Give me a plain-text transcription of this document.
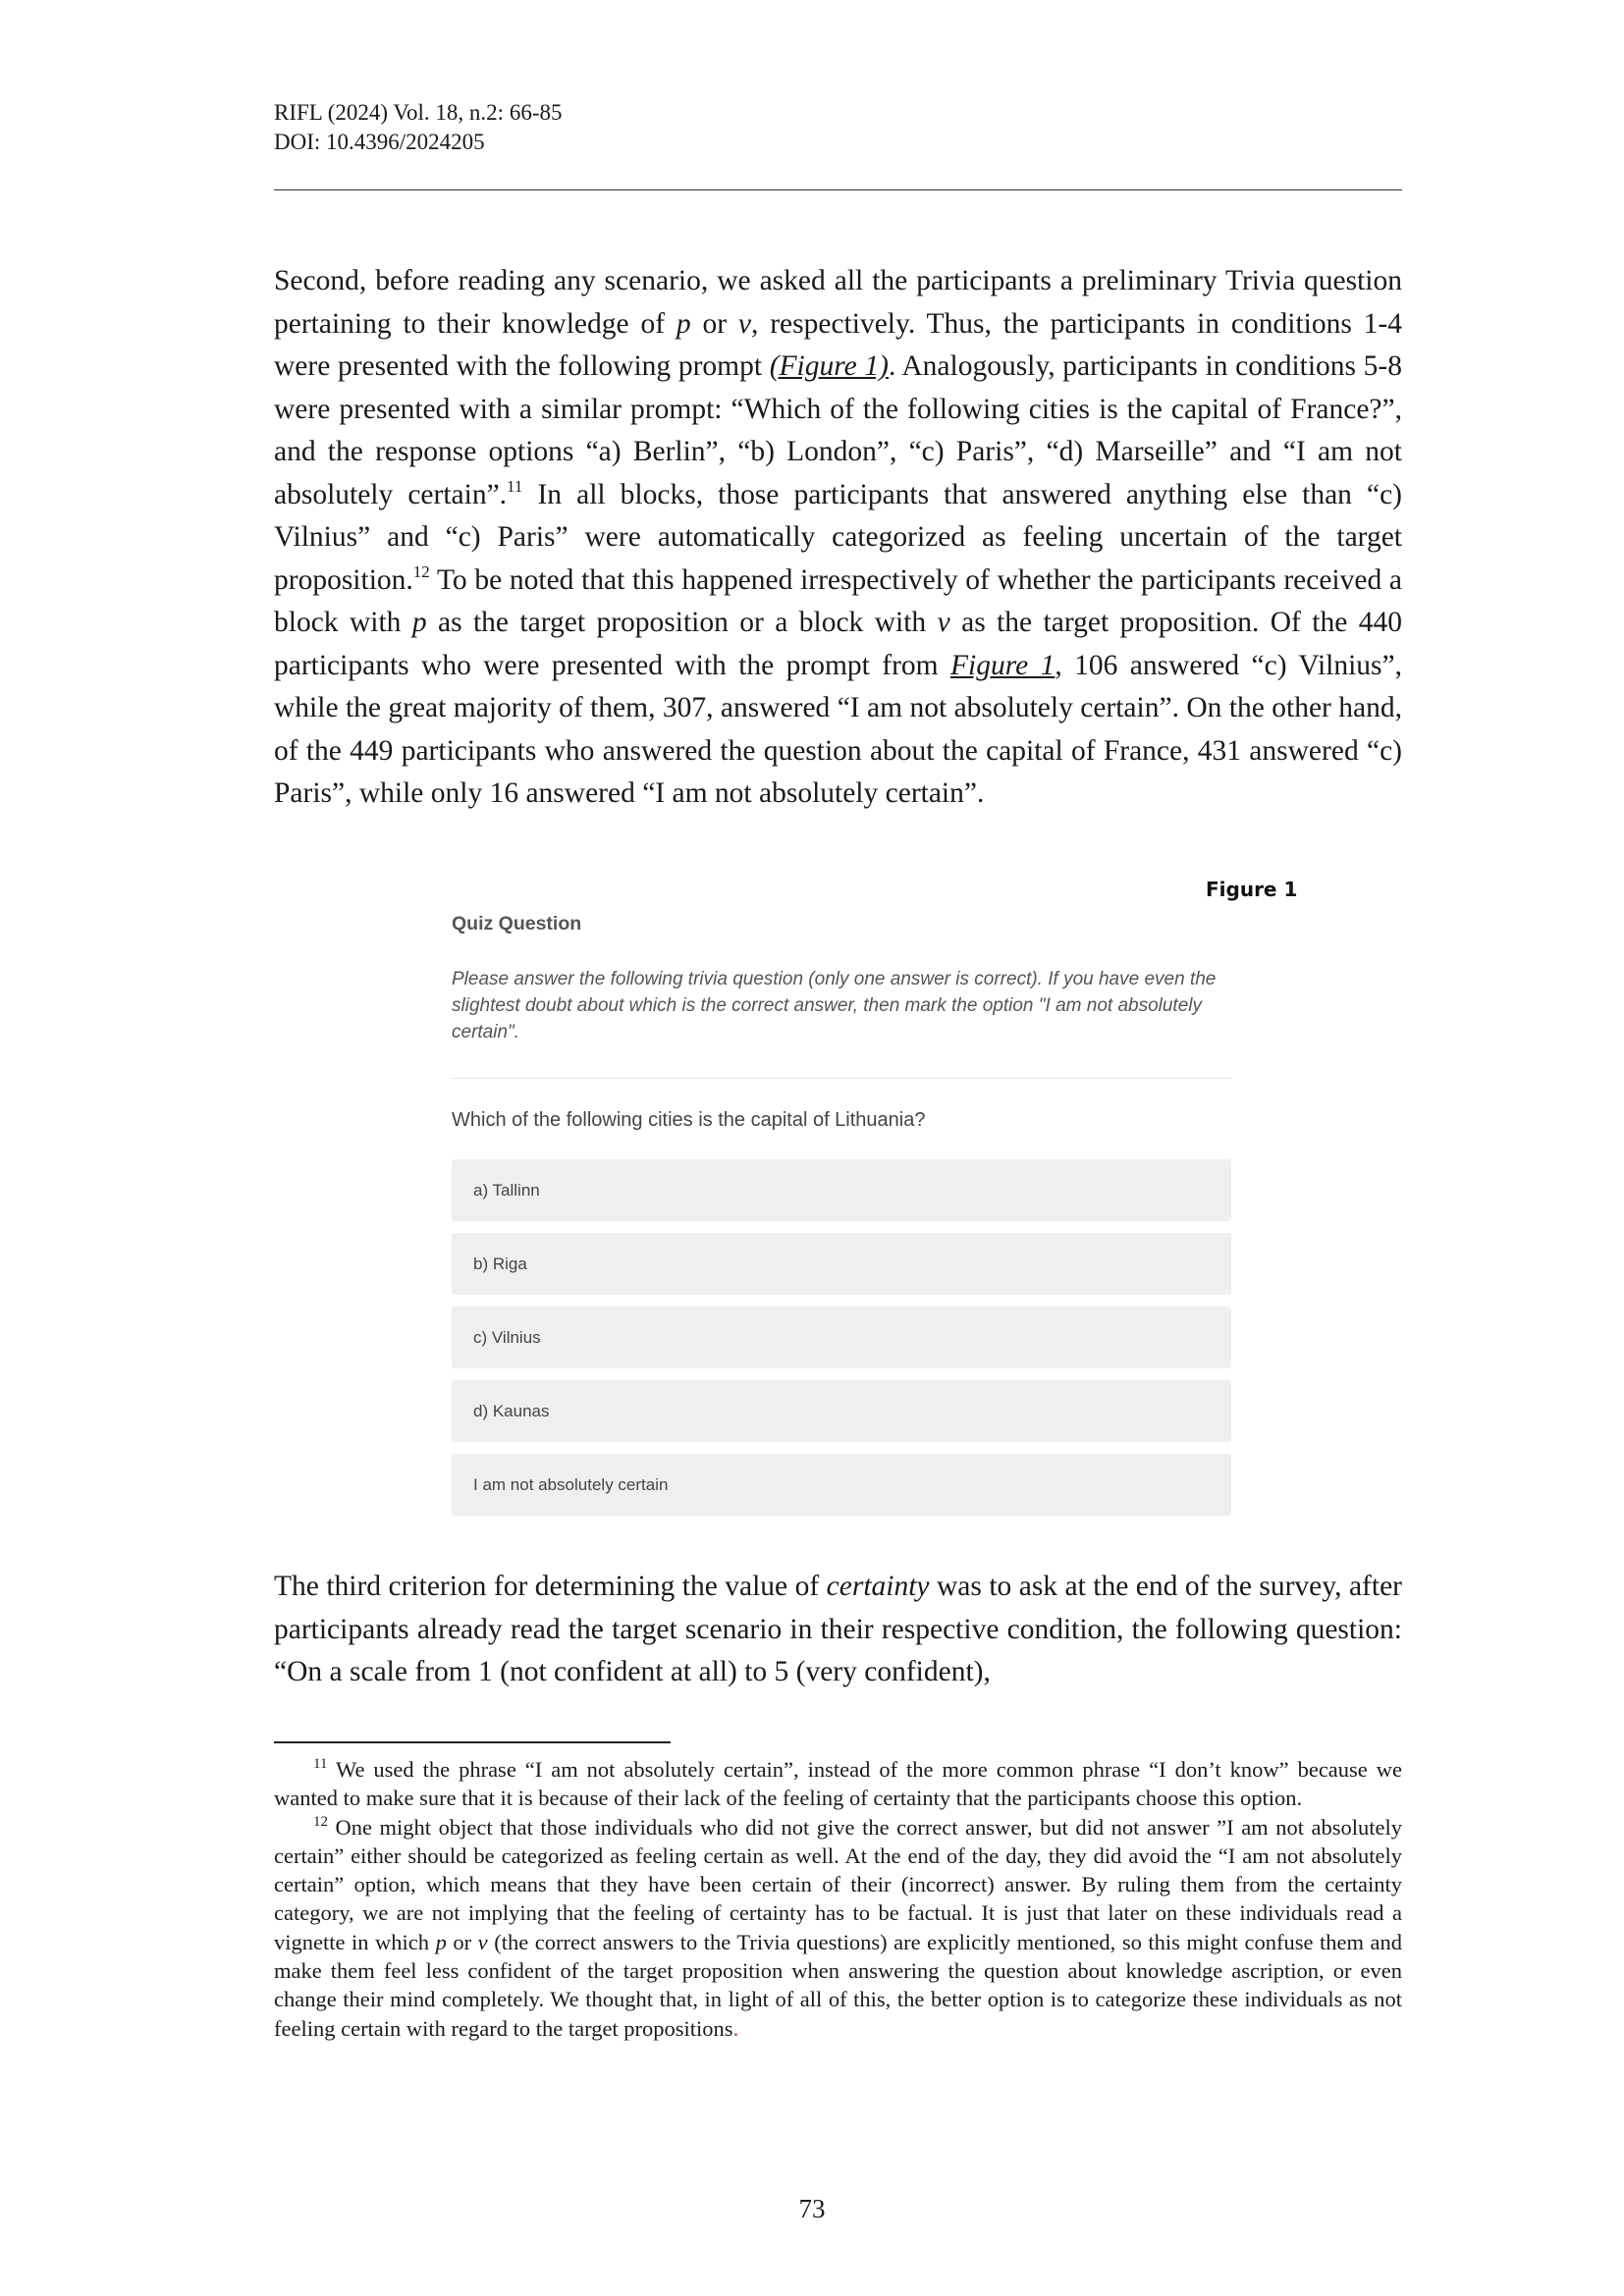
RIFL (2024) Vol. 18, n.2: 66-85
DOI: 10.4396/2024205

Second, before reading any scenario, we asked all the participants a preliminary Trivia question pertaining to their knowledge of p or v, respectively. Thus, the participants in conditions 1-4 were presented with the following prompt (Figure 1). Analogously, participants in conditions 5-8 were presented with a similar prompt: “Which of the following cities is the capital of France?”, and the response options “a) Berlin”, “b) London”, “c) Paris”, “d) Marseille” and “I am not absolutely certain”.$^{11}$ In all blocks, those participants that answered anything else than “c) Vilnius” and “c) Paris” were automatically categorized as feeling uncertain of the target proposition.$^{12}$ To be noted that this happened irrespectively of whether the participants received a block with p as the target proposition or a block with v as the target proposition. Of the 440 participants who were presented with the prompt from Figure 1, 106 answered “c) Vilnius”, while the great majority of them, 307, answered “I am not absolutely certain”. On the other hand, of the 449 participants who answered the question about the capital of France, 431 answered “c) Paris”, while only 16 answered “I am not absolutely certain”.

Figure 1
Quiz Question
Please answer the following trivia question (only one answer is correct). If you have even the slightest doubt about which is the correct answer, then mark the option "I am not absolutely certain".
Which of the following cities is the capital of Lithuania?
a) Tallinn
b) Riga
c) Vilnius
d) Kaunas
I am not absolutely certain

The third criterion for determining the value of certainty was to ask at the end of the survey, after participants already read the target scenario in their respective condition, the following question: “On a scale from 1 (not confident at all) to 5 (very confident),

$^{11}$ We used the phrase “I am not absolutely certain”, instead of the more common phrase “I don’t know” because we wanted to make sure that it is because of their lack of the feeling of certainty that the participants choose this option.

$^{12}$ One might object that those individuals who did not give the correct answer, but did not answer ”I am not absolutely certain” either should be categorized as feeling certain as well. At the end of the day, they did avoid the “I am not absolutely certain” option, which means that they have been certain of their (incorrect) answer. By ruling them from the certainty category, we are not implying that the feeling of certainty has to be factual. It is just that later on these individuals read a vignette in which p or v (the correct answers to the Trivia questions) are explicitly mentioned, so this might confuse them and make them feel less confident of the target proposition when answering the question about knowledge ascription, or even change their mind completely. We thought that, in light of all of this, the better option is to categorize these individuals as not feeling certain with regard to the target propositions.

73
